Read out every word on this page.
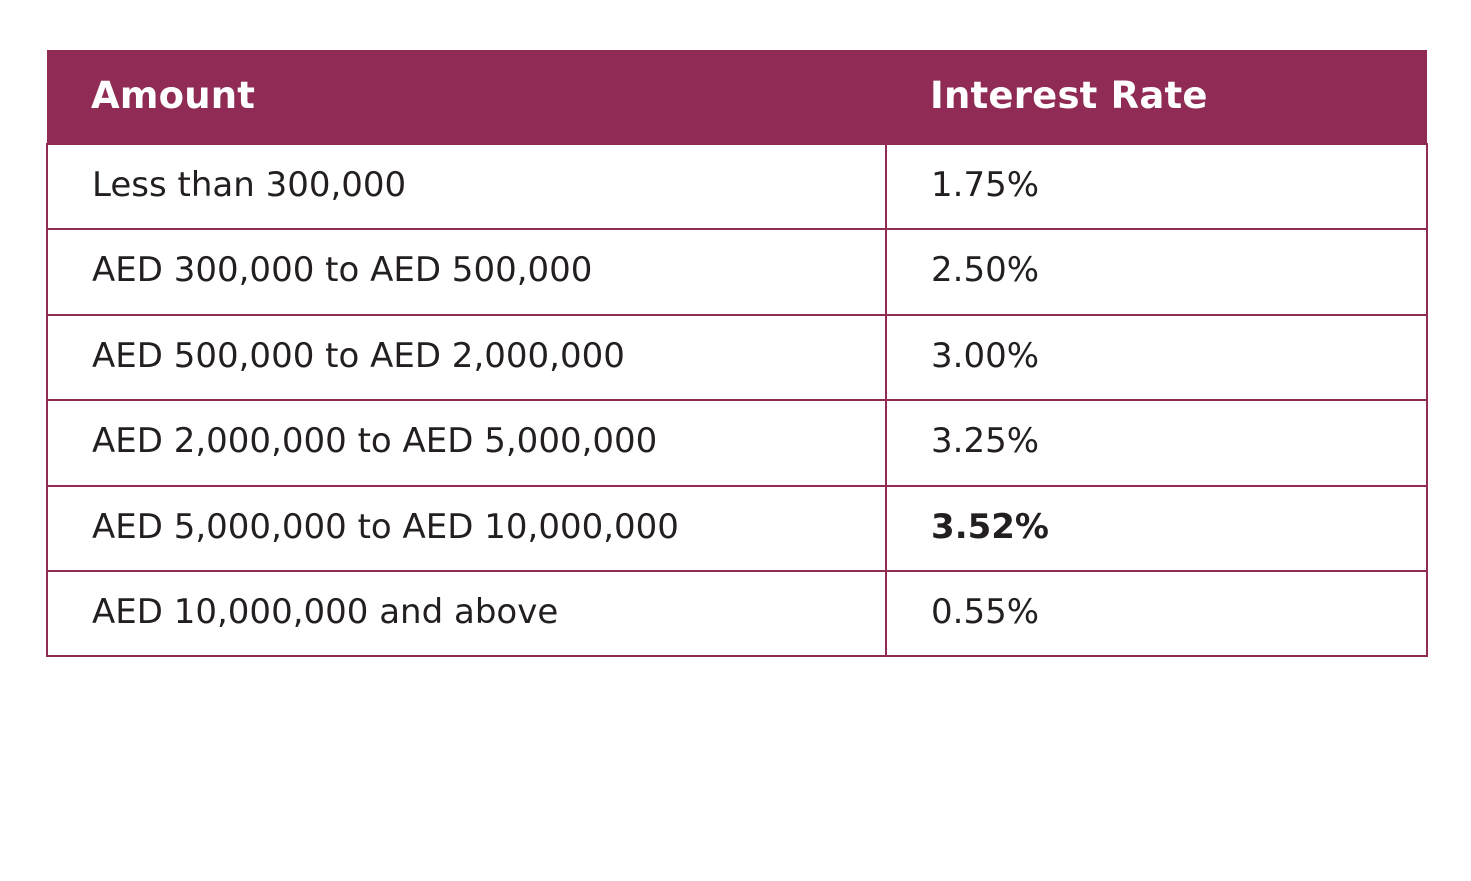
Amount	Interest Rate
Less than 300,000	1.75%
AED 300,000 to AED 500,000	2.50%
AED 500,000 to AED 2,000,000	3.00%
AED 2,000,000 to AED 5,000,000	3.25%
AED 5,000,000 to AED 10,000,000	3.52%
AED 10,000,000 and above	0.55%
